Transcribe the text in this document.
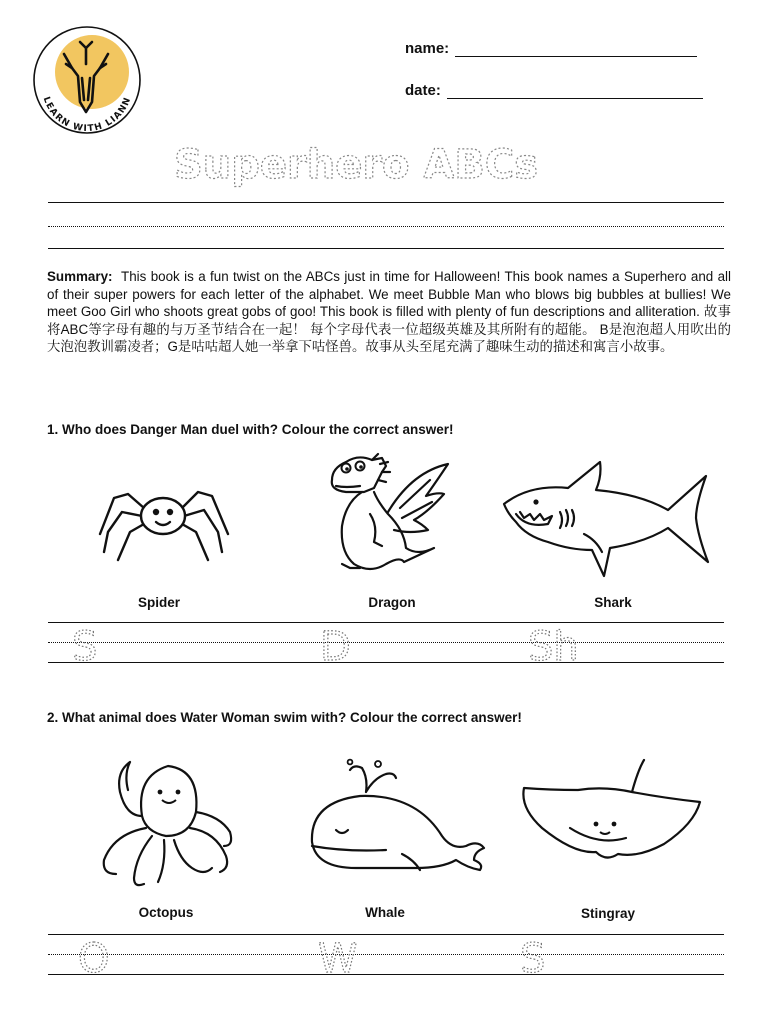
LEARN WITH LIANN
name:
date:
Superhero ABCs
Summary: This book is a fun twist on the ABCs just in time for Halloween! This book names a Superhero and all of their super powers for each letter of the alphabet. We meet Bubble Man who blows big bubbles at bullies! We meet Goo Girl who shoots great gobs of goo! This book is filled with plenty of fun descriptions and alliteration. 故事将ABC等字母有趣的与万圣节结合在一起！ 每个字母代表一位超级英雄及其所附有的超能。 B是泡泡超人用吹出的大泡泡教训霸凌者；G是咕咕超人她一举拿下咕怪兽。故事从头至尾充满了趣味生动的描述和寓言小故事。
1. Who does Danger Man duel with? Colour the correct answer!
Spider	Dragon	Shark
S	D	Sh
2. What animal does Water Woman swim with? Colour the correct answer!
Octopus	Whale	Stingray
O	W	S
